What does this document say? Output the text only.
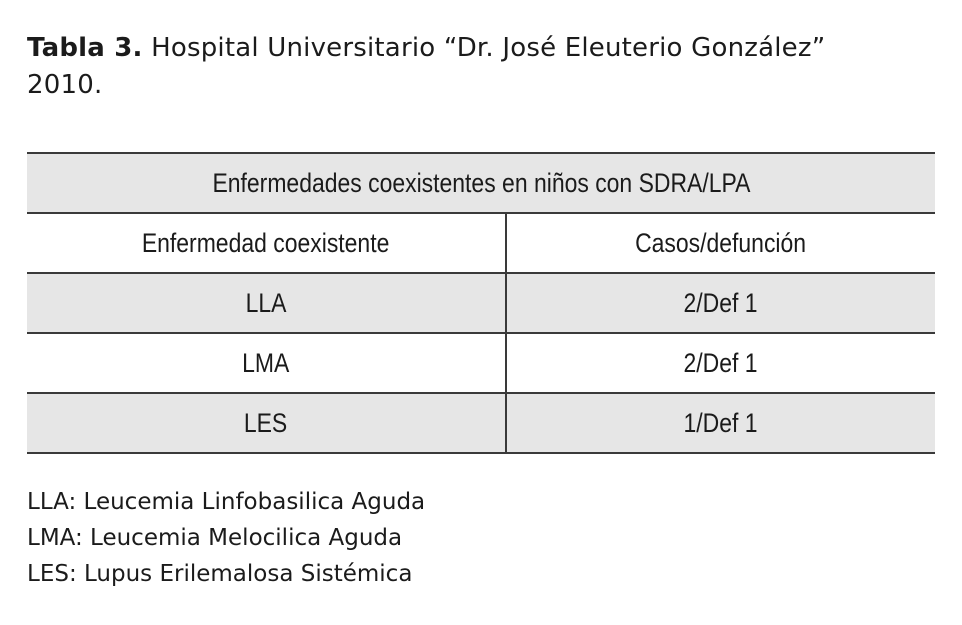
Tabla 3. Hospital Universitario “Dr. José Eleuterio González”
2010.
Enfermedades coexistentes en niños con SDRA/LPA	
Enfermedad coexistente	Casos/defunción
LLA	2/Def 1
LMA	2/Def 1
LES	1/Def 1
LLA: Leucemia Linfobasilica Aguda
LMA: Leucemia Melocilica Aguda
LES: Lupus Erilemalosa Sistémica
